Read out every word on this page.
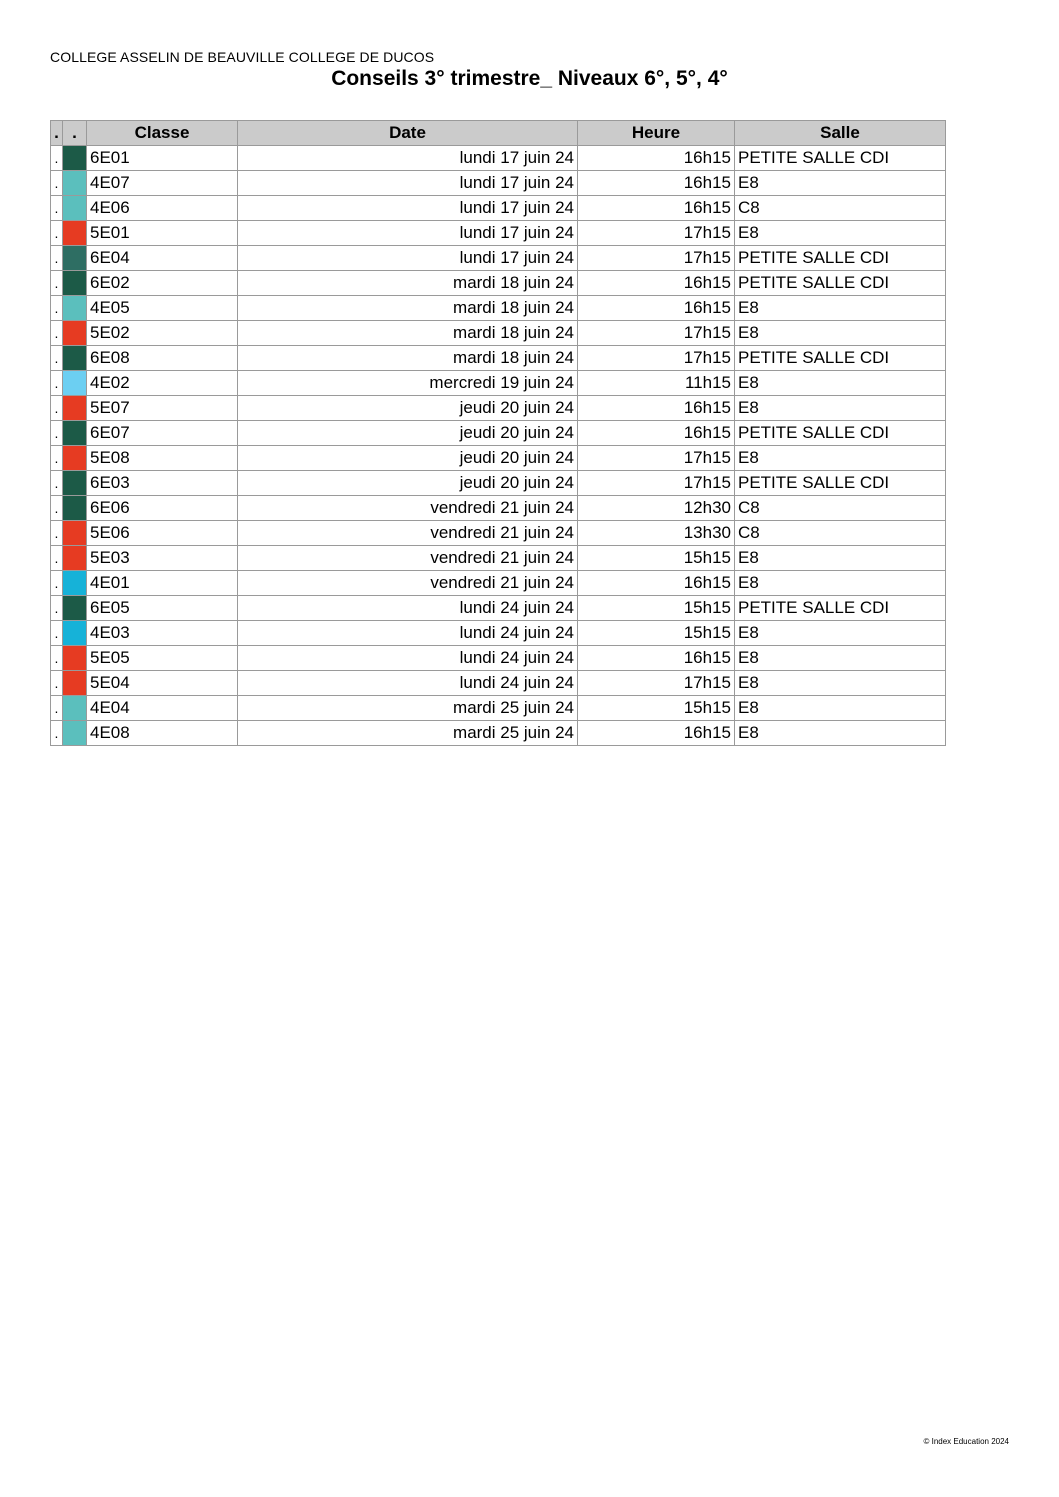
COLLEGE ASSELIN DE BEAUVILLE COLLEGE DE DUCOS
Conseils 3° trimestre_ Niveaux 6°, 5°, 4°
.	.	Classe	Date	Heure	Salle
.		6E01	lundi 17 juin 24	16h15	PETITE SALLE CDI
.		4E07	lundi 17 juin 24	16h15	E8
.		4E06	lundi 17 juin 24	16h15	C8
.		5E01	lundi 17 juin 24	17h15	E8
.		6E04	lundi 17 juin 24	17h15	PETITE SALLE CDI
.		6E02	mardi 18 juin 24	16h15	PETITE SALLE CDI
.		4E05	mardi 18 juin 24	16h15	E8
.		5E02	mardi 18 juin 24	17h15	E8
.		6E08	mardi 18 juin 24	17h15	PETITE SALLE CDI
.		4E02	mercredi 19 juin 24	11h15	E8
.		5E07	jeudi 20 juin 24	16h15	E8
.		6E07	jeudi 20 juin 24	16h15	PETITE SALLE CDI
.		5E08	jeudi 20 juin 24	17h15	E8
.		6E03	jeudi 20 juin 24	17h15	PETITE SALLE CDI
.		6E06	vendredi 21 juin 24	12h30	C8
.		5E06	vendredi 21 juin 24	13h30	C8
.		5E03	vendredi 21 juin 24	15h15	E8
.		4E01	vendredi 21 juin 24	16h15	E8
.		6E05	lundi 24 juin 24	15h15	PETITE SALLE CDI
.		4E03	lundi 24 juin 24	15h15	E8
.		5E05	lundi 24 juin 24	16h15	E8
.		5E04	lundi 24 juin 24	17h15	E8
.		4E04	mardi 25 juin 24	15h15	E8
.		4E08	mardi 25 juin 24	16h15	E8
© Index Education 2024
